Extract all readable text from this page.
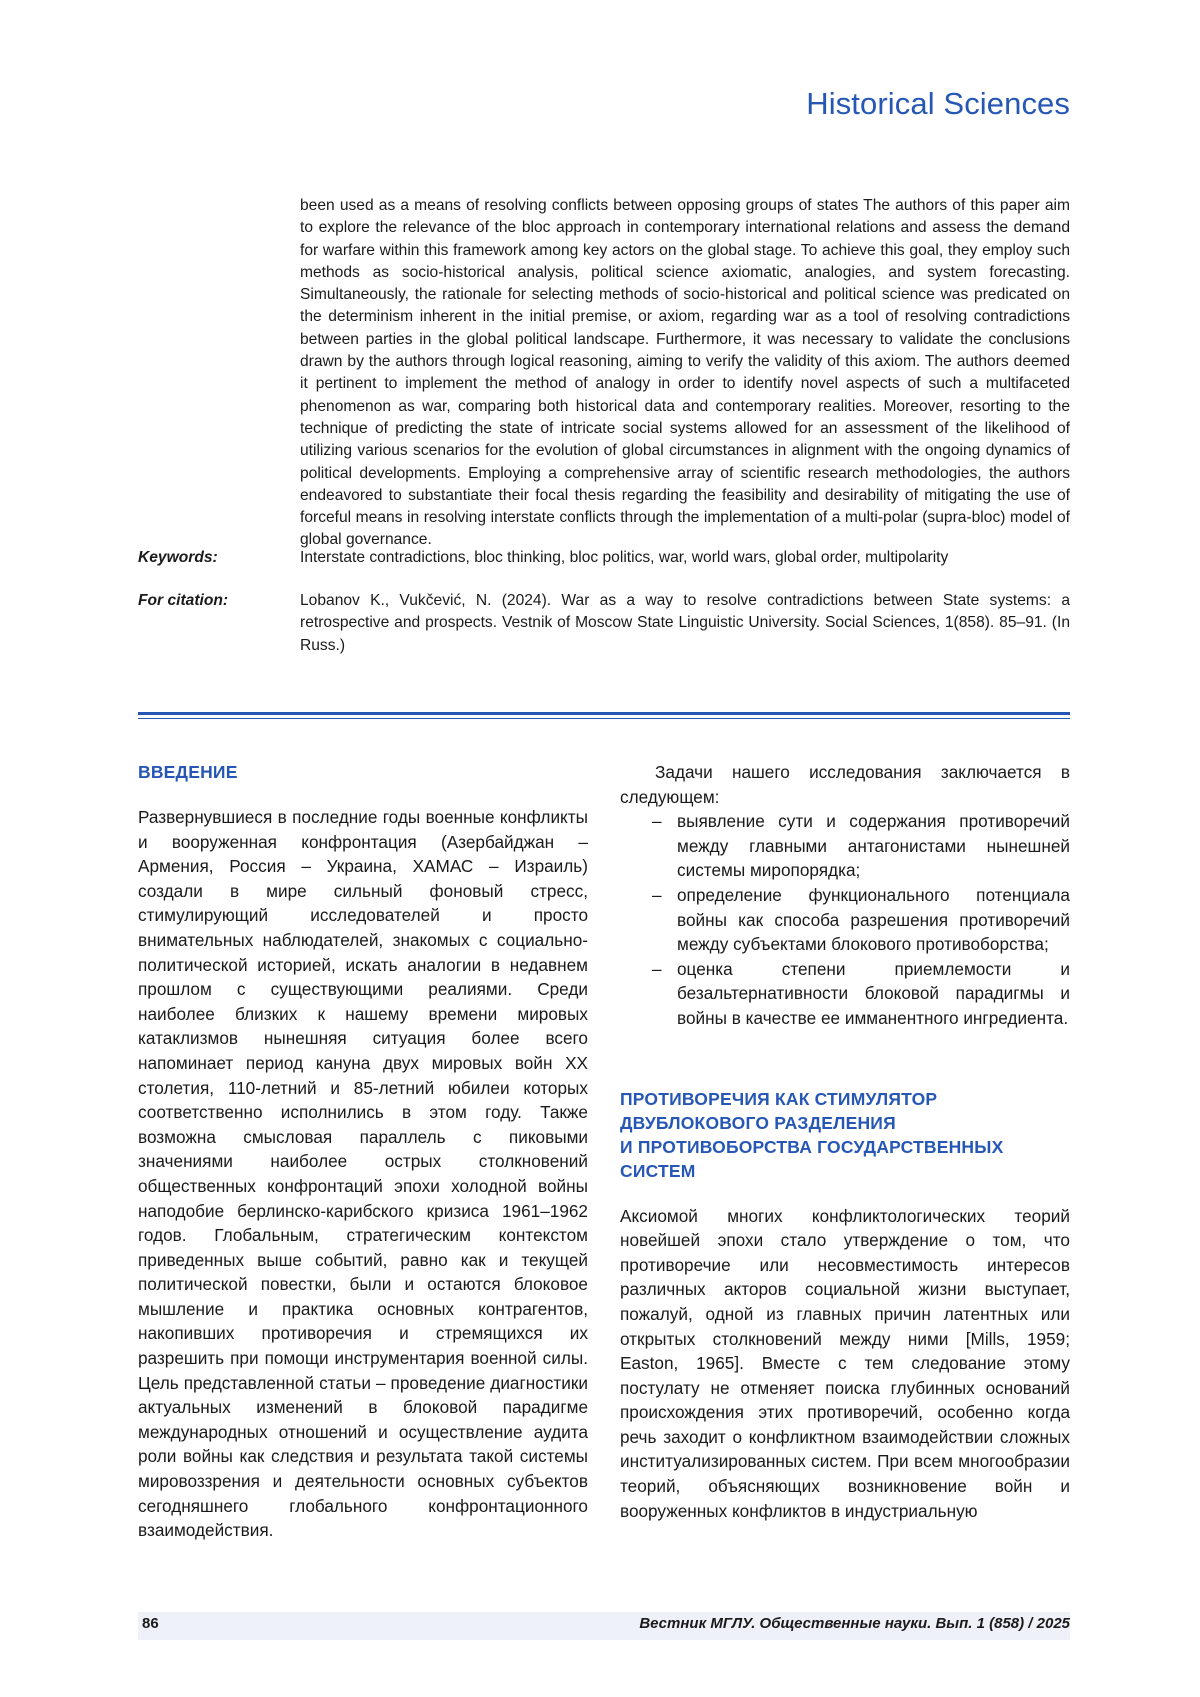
Historical Sciences

been used as a means of resolving conflicts between opposing groups of states The authors of this paper aim to explore the relevance of the bloc approach in contemporary international relations and assess the demand for warfare within this framework among key actors on the global stage. To achieve this goal, they employ such methods as socio-historical analysis, political science axiomatic, analogies, and system forecasting. Simultaneously, the rationale for selecting methods of socio-historical and political science was predicated on the determinism inherent in the initial premise, or axiom, regarding war as a tool of resolving contradictions between parties in the global political landscape. Furthermore, it was necessary to validate the conclusions drawn by the authors through logical reasoning, aiming to verify the validity of this axiom. The authors deemed it pertinent to implement the method of analogy in order to identify novel aspects of such a multifaceted phenomenon as war, comparing both historical data and contemporary realities. Moreover, resorting to the technique of predicting the state of intricate social systems allowed for an assessment of the likelihood of utilizing various scenarios for the evolution of global circumstances in alignment with the ongoing dynamics of political developments. Employing a comprehensive array of scientific research methodologies, the authors endeavored to substantiate their focal thesis regarding the feasibility and desirability of mitigating the use of forceful means in resolving interstate conflicts through the implementation of a multi-polar (supra-bloc) model of global governance.

Keywords:	Interstate contradictions, bloc thinking, bloc politics, war, world wars, global order, multipolarity
For citation:	Lobanov K., Vukčević, N. (2024). War as a way to resolve contradictions between State systems: a retrospective and prospects. Vestnik of Moscow State Linguistic University. Social Sciences, 1(858). 85–91. (In Russ.)
ВВЕДЕНИЕ

Развернувшиеся в последние годы военные конфликты и вооруженная конфронтация (Азербайджан – Армения, Россия – Украина, ХАМАС – Израиль) создали в мире сильный фоновый стресс, стимулирующий исследователей и просто внимательных наблюдателей, знакомых с социально-политической историей, искать аналогии в недавнем прошлом с существующими реалиями. Среди наиболее близких к нашему времени мировых катаклизмов нынешняя ситуация более всего напоминает период кануна двух мировых войн XX столетия, 110-летний и 85-летний юбилеи которых соответственно исполнились в этом году. Также возможна смысловая параллель с пиковыми значениями наиболее острых столкновений общественных конфронтаций эпохи холодной войны наподобие берлинско-карибского кризиса 1961–1962 годов. Глобальным, стратегическим контекстом приведенных выше событий, равно как и текущей политической повестки, были и остаются блоковое мышление и практика основных контрагентов, накопивших противоречия и стремящихся их разрешить при помощи инструментария военной силы. Цель представленной статьи – проведение диагностики актуальных изменений в блоковой парадигме международных отношений и осуществление аудита роли войны как следствия и результата такой системы мировоззрения и деятельности основных субъектов сегодняшнего глобального конфронтационного взаимодействия.

Задачи нашего исследования заключается в следующем:

– выявление сути и содержания противоречий между главными антагонистами нынешней системы миропорядка;
– определение функционального потенциала войны как способа разрешения противоречий между субъектами блокового противоборства;
– оценка степени приемлемости и безальтернативности блоковой парадигмы и войны в качестве ее имманентного ингредиента.
ПРОТИВОРЕЧИЯ КАК СТИМУЛЯТОР
ДВУБЛОКОВОГО РАЗДЕЛЕНИЯ
И ПРОТИВОБОРСТВА ГОСУДАРСТВЕННЫХ
СИСТЕМ

Аксиомой многих конфликтологических теорий новейшей эпохи стало утверждение о том, что противоречие или несовместимость интересов различных акторов социальной жизни выступает, пожалуй, одной из главных причин латентных или открытых столкновений между ними [Mills, 1959; Easton, 1965]. Вместе с тем следование этому постулату не отменяет поиска глубинных оснований происхождения этих противоречий, особенно когда речь заходит о конфликтном взаимодействии сложных институализированных систем. При всем многообразии теорий, объясняющих возникновение войн и вооруженных конфликтов в индустриальную

86	Вестник МГЛУ. Общественные науки. Вып. 1 (858) / 2025
